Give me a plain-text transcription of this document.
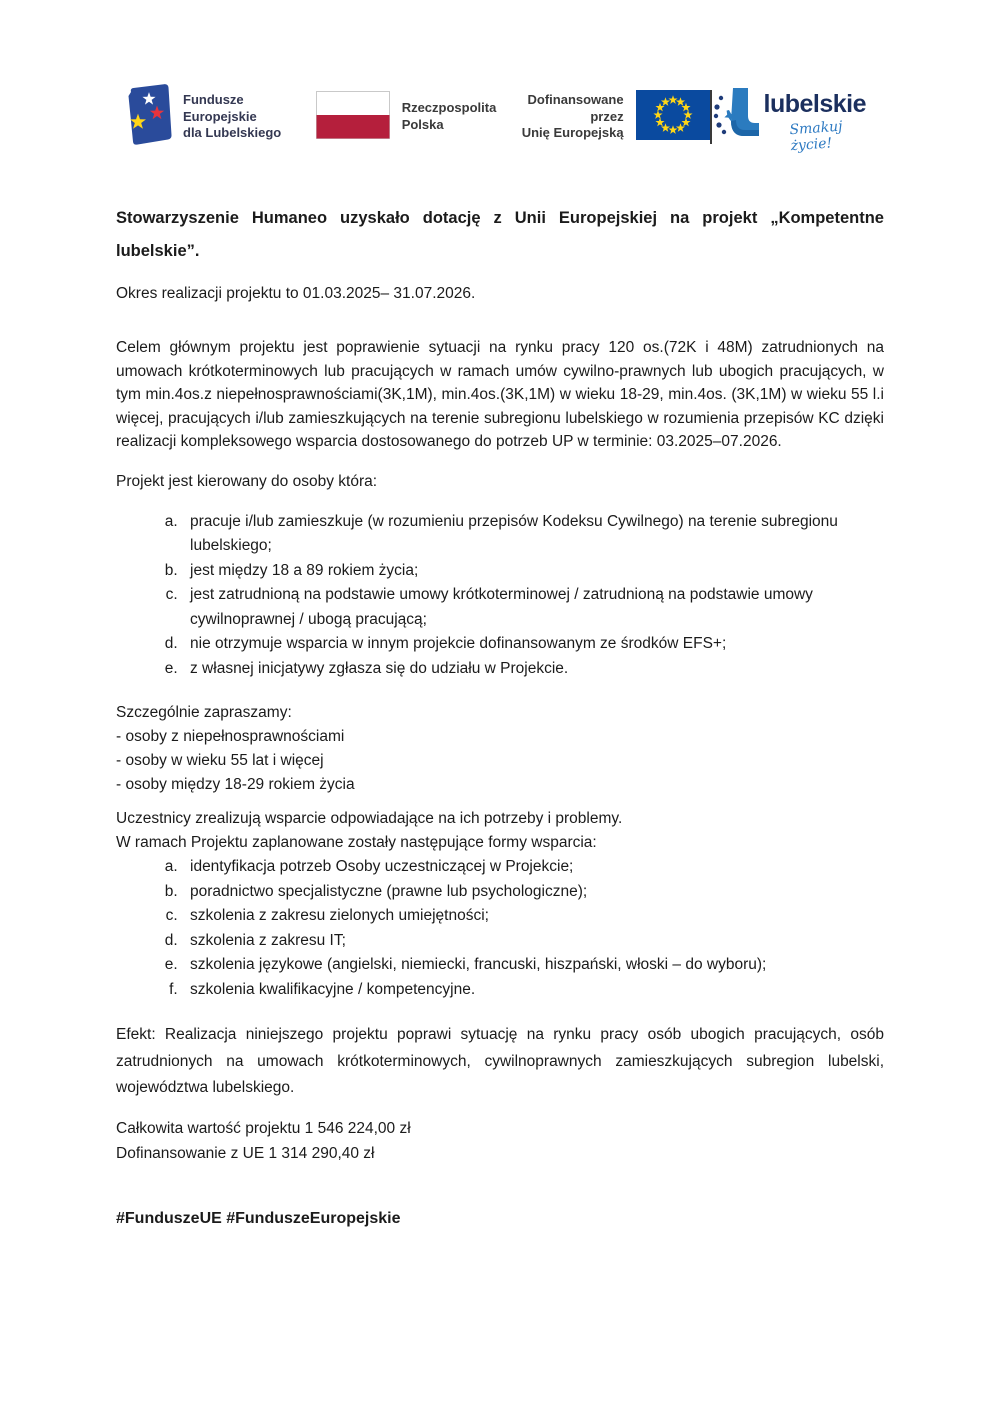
Fundusze Europejskie
dla Lubelskiego
Rzeczpospolita
Polska
Dofinansowane przez
Unię Europejską
lubelskie
Smakuj życie!

Stowarzyszenie Humaneo uzyskało dotację z Unii Europejskiej na projekt „Kompetentne lubelskie”.

Okres realizacji projektu to 01.03.2025– 31.07.2026.

Celem głównym projektu jest poprawienie sytuacji na rynku pracy 120 os.(72K i 48M) zatrudnionych na umowach krótkoterminowych lub pracujących w ramach umów cywilno-prawnych lub ubogich pracujących, w tym min.4os.z niepełnosprawnościami(3K,1M), min.4os.(3K,1M) w wieku 18-29, min.4os. (3K,1M) w wieku 55 l.i więcej, pracujących i/lub zamieszkujących na terenie subregionu lubelskiego w rozumienia przepisów KC dzięki realizacji kompleksowego wsparcia dostosowanego do potrzeb UP w terminie: 03.2025–07.2026.

Projekt jest kierowany do osoby która:

a. pracuje i/lub zamieszkuje (w rozumieniu przepisów Kodeksu Cywilnego) na terenie subregionu lubelskiego;
b. jest między 18 a 89 rokiem życia;
c. jest zatrudnioną na podstawie umowy krótkoterminowej / zatrudnioną na podstawie umowy cywilnoprawnej / ubogą pracującą;
d. nie otrzymuje wsparcia w innym projekcie dofinansowanym ze środków EFS+;
e. z własnej inicjatywy zgłasza się do udziału w Projekcie.

Szczególnie zapraszamy:

- osoby z niepełnosprawnościami

- osoby w wieku 55 lat i więcej

- osoby między 18-29 rokiem życia

Uczestnicy zrealizują wsparcie odpowiadające na ich potrzeby i problemy.

W ramach Projektu zaplanowane zostały następujące formy wsparcia:

a. identyfikacja potrzeb Osoby uczestniczącej w Projekcie;
b. poradnictwo specjalistyczne (prawne lub psychologiczne);
c. szkolenia z zakresu zielonych umiejętności;
d. szkolenia z zakresu IT;
e. szkolenia językowe (angielski, niemiecki, francuski, hiszpański, włoski – do wyboru);
f. szkolenia kwalifikacyjne / kompetencyjne.

Efekt: Realizacja niniejszego projektu poprawi sytuację na rynku pracy osób ubogich pracujących, osób zatrudnionych na umowach krótkoterminowych, cywilnoprawnych zamieszkujących subregion lubelski, województwa lubelskiego.

Całkowita wartość projektu 1 546 224,00 zł

Dofinansowanie z UE 1 314 290,40 zł

#FunduszeUE #FunduszeEuropejskie
